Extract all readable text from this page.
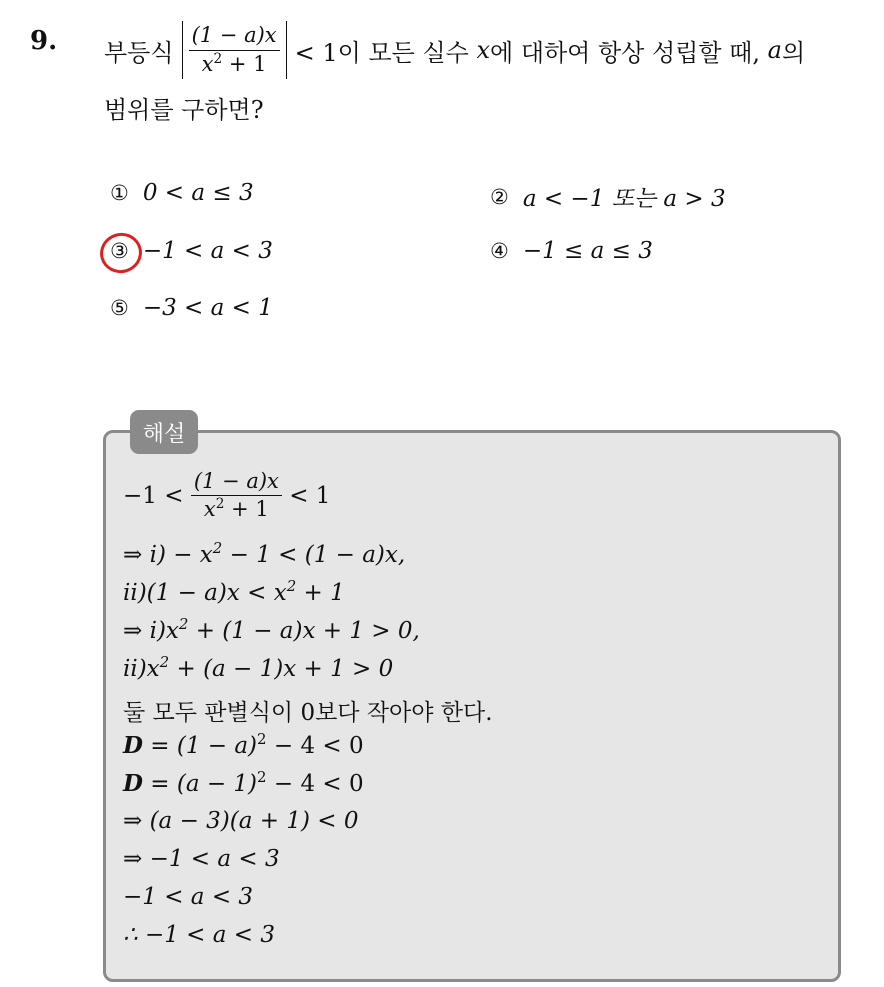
9. 부등식 $\frac{(1 - a)x}{x^2 + 1} < 1$이 모든 실수
x 에 대하여 항상 성립할 때,
a 의
범위를 구하면?
① 0 < a ≤ 3	② a < −1 또는 a > 3
③ −1 < a < 3	④ −1 ≤ a ≤ 3
⑤ −3 < a < 1
해설
−1 <
$\frac{(1 - a)x}{x^2 + 1}$
< 1
⇒ $i) - x^2 - 1 < (1 - a)x$,
ⅱ)(1 − $a)x < x^2 + 1$
⇒ $i)x^2 + (1 - a)x + 1 > 0$,
$ⅱ)x^2 + (a - 1)x + 1 > 0$
둘 모두 판별식이 0보다 작아야 한다.
$D = (1 - a)^2 - 4 < 0$
$D = (a - 1)^2 - 4 < 0$
⇒ (a − 3)(a + 1) < 0
⇒ −1 < a < 3
−1 < a < 3
∴ −1 < a < 3
